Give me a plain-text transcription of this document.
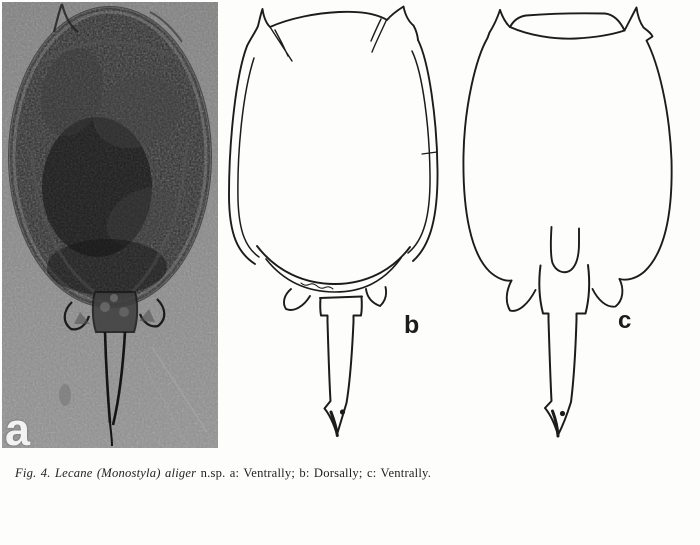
a
b	c
Fig. 4. Lecane (Monostyla) aliger n.sp. a: Ventrally; b: Dorsally; c: Ventrally.
